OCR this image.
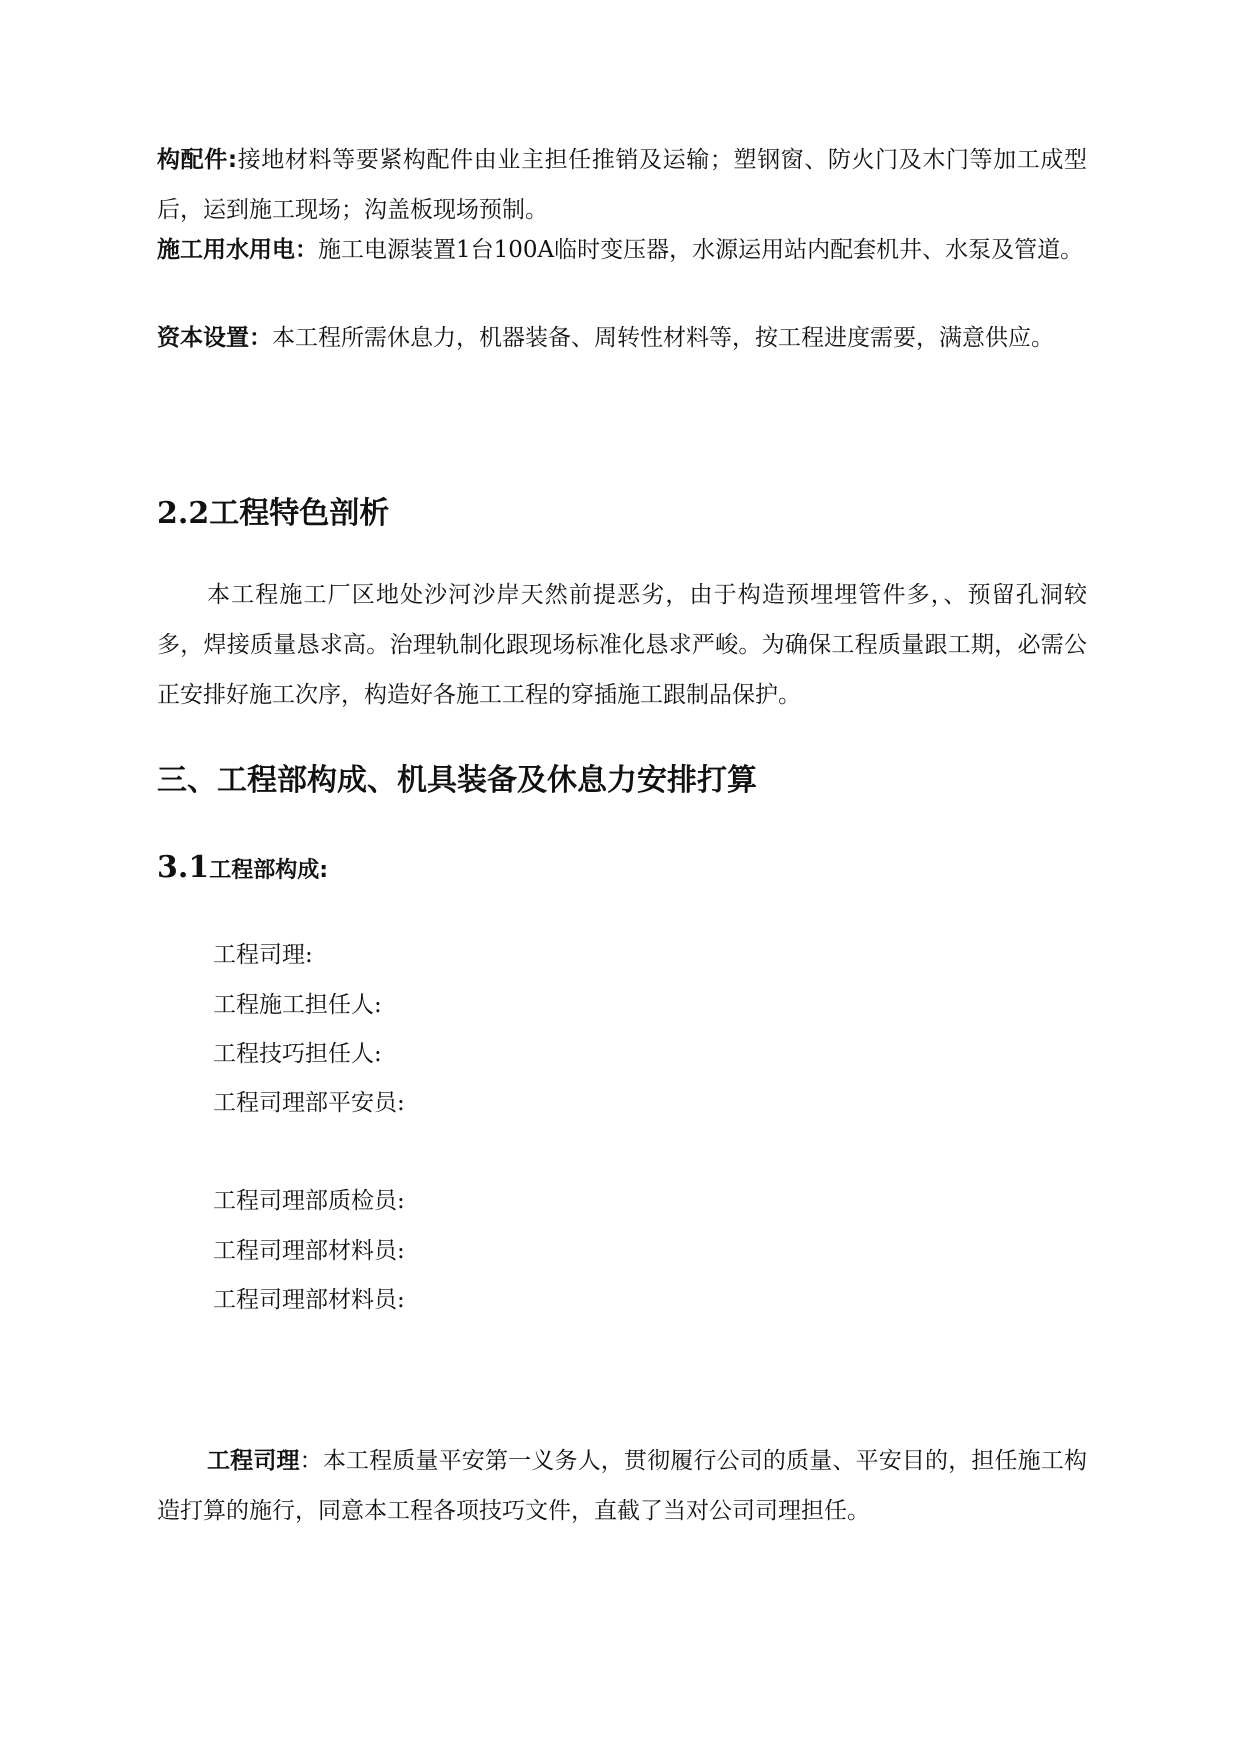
构配件:接地材料等要紧构配件由业主担任推销及运输；塑钢窗、防火门及木门等加工成型后，运到施工现场；沟盖板现场预制。
施工用水用电：施工电源装置1台100A临时变压器，水源运用站内配套机井、水泵及管道。
资本设置：本工程所需休息力，机器装备、周转性材料等，按工程进度需要，满意供应。
2.2工程特色剖析
本工程施工厂区地处沙河沙岸天然前提恶劣，由于构造预埋埋管件多，、预留孔洞较多，焊接质量恳求高。治理轨制化跟现场标准化恳求严峻。为确保工程质量跟工期，必需公正安排好施工次序，构造好各施工工程的穿插施工跟制品保护。
三、工程部构成、机具装备及休息力安排打算
3.1工程部构成:
工程司理:
工程施工担任人:
工程技巧担任人:
工程司理部平安员:
工程司理部质检员:
工程司理部材料员:
工程司理部材料员:
工程司理：本工程质量平安第一义务人，贯彻履行公司的质量、平安目的，担任施工构造打算的施行，同意本工程各项技巧文件，直截了当对公司司理担任。
